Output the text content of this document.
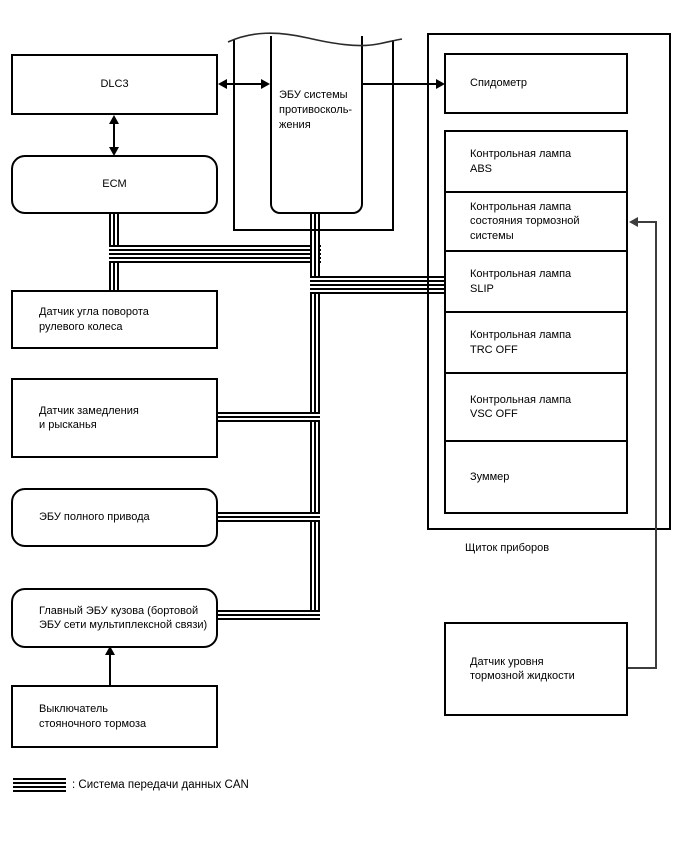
Щиток приборов
ЭБУ системы
противосколь-
жения
DLC3
ECM
Датчик угла поворота
рулевого колеса
Датчик замедления
и рысканья
ЭБУ полного привода
Главный ЭБУ кузова (бортовой
ЭБУ сети мультиплексной связи)
Выключатель
стояночного тормоза
Спидометр
Контрольная лампа
ABS
Контрольная лампа
состояния тормозной
системы
Контрольная лампа
SLIP
Контрольная лампа
TRC OFF
Контрольная лампа
VSC OFF
Зуммер
Датчик уровня
тормозной жидкости
: Система передачи данных CAN
